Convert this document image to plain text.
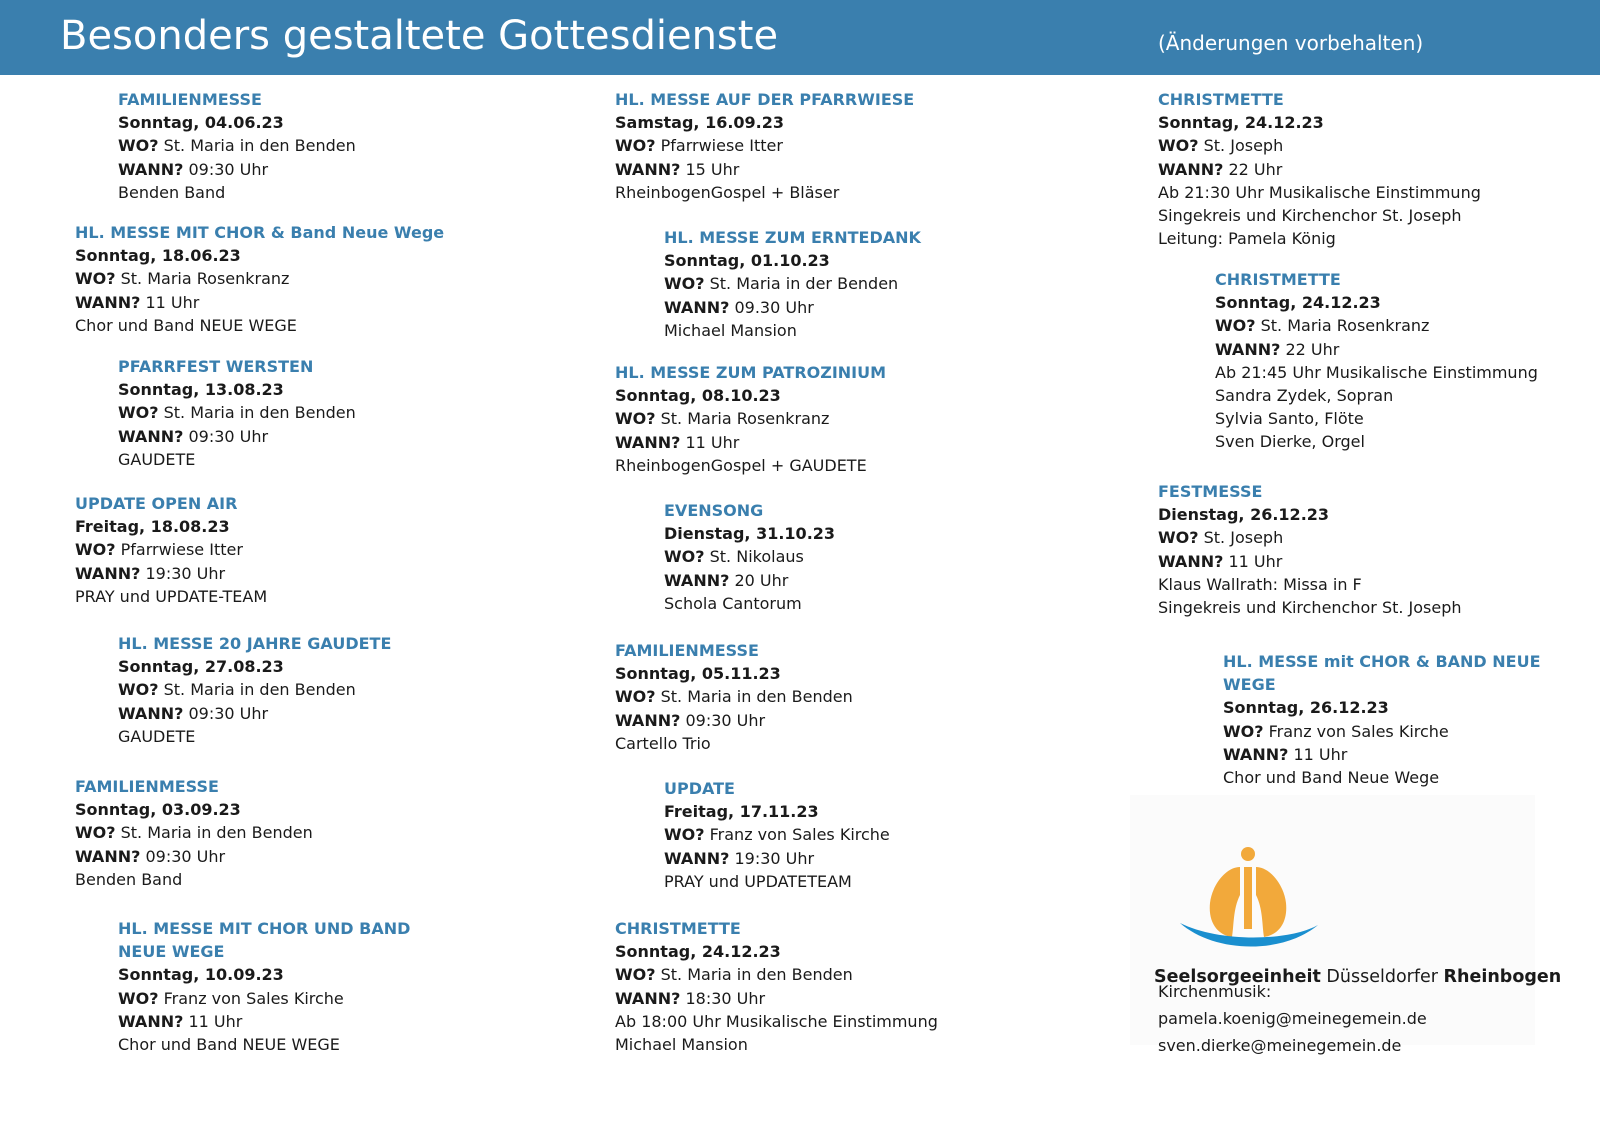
Besonders gestaltete Gottesdienste	(Änderungen vorbehalten)
FAMILIENMESSE
Sonntag, 04.06.23
WO? St. Maria in den Benden
WANN? 09:30 Uhr
Benden Band
HL. MESSE MIT CHOR & Band Neue Wege
Sonntag, 18.06.23
WO? St. Maria Rosenkranz
WANN? 11 Uhr
Chor und Band NEUE WEGE
PFARRFEST WERSTEN
Sonntag, 13.08.23
WO? St. Maria in den Benden
WANN? 09:30 Uhr
GAUDETE
UPDATE OPEN AIR
Freitag, 18.08.23
WO? Pfarrwiese Itter
WANN? 19:30 Uhr
PRAY und UPDATE-TEAM
HL. MESSE 20 JAHRE GAUDETE
Sonntag, 27.08.23
WO? St. Maria in den Benden
WANN? 09:30 Uhr
GAUDETE
FAMILIENMESSE
Sonntag, 03.09.23
WO? St. Maria in den Benden
WANN? 09:30 Uhr
Benden Band
HL. MESSE MIT CHOR UND BAND NEUE WEGE
Sonntag, 10.09.23
WO? Franz von Sales Kirche
WANN? 11 Uhr
Chor und Band NEUE WEGE
HL. MESSE AUF DER PFARRWIESE
Samstag, 16.09.23
WO? Pfarrwiese Itter
WANN? 15 Uhr
RheinbogenGospel + Bläser
HL. MESSE ZUM ERNTEDANK
Sonntag, 01.10.23
WO? St. Maria in der Benden
WANN? 09.30 Uhr
Michael Mansion
HL. MESSE ZUM PATROZINIUM
Sonntag, 08.10.23
WO? St. Maria Rosenkranz
WANN? 11 Uhr
RheinbogenGospel + GAUDETE
EVENSONG
Dienstag, 31.10.23
WO? St. Nikolaus
WANN? 20 Uhr
Schola Cantorum
FAMILIENMESSE
Sonntag, 05.11.23
WO? St. Maria in den Benden
WANN? 09:30 Uhr
Cartello Trio
UPDATE
Freitag, 17.11.23
WO? Franz von Sales Kirche
WANN? 19:30 Uhr
PRAY und UPDATETEAM
CHRISTMETTE
Sonntag, 24.12.23
WO? St. Maria in den Benden
WANN? 18:30 Uhr
Ab 18:00 Uhr Musikalische Einstimmung
Michael Mansion
CHRISTMETTE
Sonntag, 24.12.23
WO? St. Joseph
WANN? 22 Uhr
Ab 21:30 Uhr Musikalische Einstimmung
Singekreis und Kirchenchor St. Joseph
Leitung: Pamela König
CHRISTMETTE
Sonntag, 24.12.23
WO? St. Maria Rosenkranz
WANN? 22 Uhr
Ab 21:45 Uhr Musikalische Einstimmung
Sandra Zydek, Sopran
Sylvia Santo, Flöte
Sven Dierke, Orgel
FESTMESSE
Dienstag, 26.12.23
WO? St. Joseph
WANN? 11 Uhr
Klaus Wallrath: Missa in F
Singekreis und Kirchenchor St. Joseph
HL. MESSE mit CHOR & BAND NEUE WEGE
Sonntag, 26.12.23
WO? Franz von Sales Kirche
WANN? 11 Uhr
Chor und Band Neue Wege
Seelsorgeeinheit Düsseldorfer Rheinbogen
Kirchenmusik:
pamela.koenig@meinegemein.de
sven.dierke@meinegemein.de
